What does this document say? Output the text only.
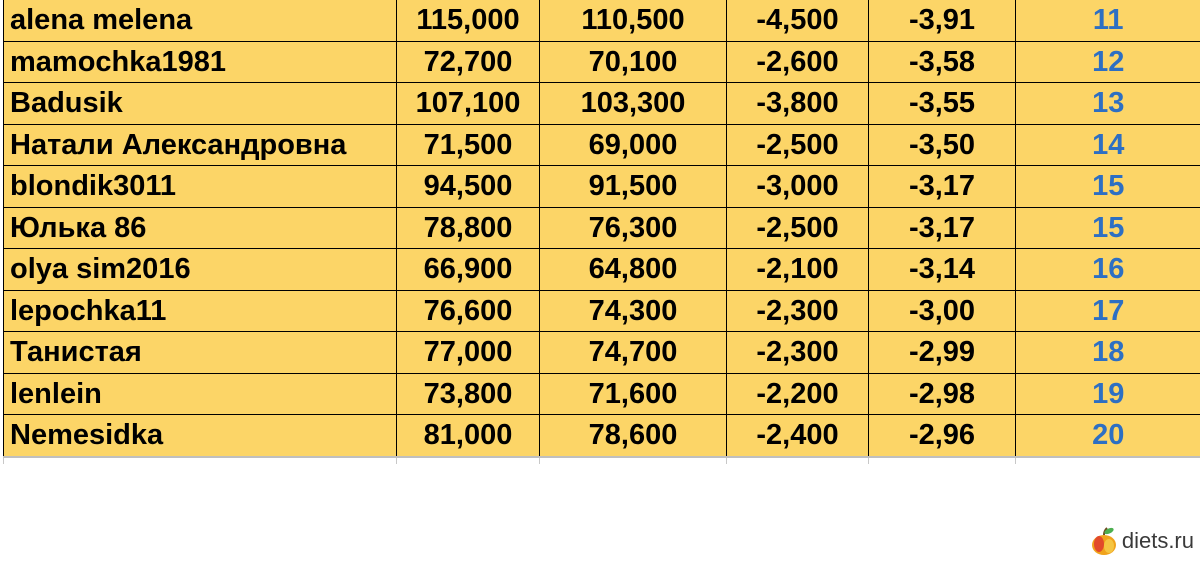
alena melena	115,000	110,500	-4,500	-3,91	11
mamochka1981	72,700	70,100	-2,600	-3,58	12
Badusik	107,100	103,300	-3,800	-3,55	13
Натали Александровна	71,500	69,000	-2,500	-3,50	14
blondik3011	94,500	91,500	-3,000	-3,17	15
Юлька 86	78,800	76,300	-2,500	-3,17	15
olya sim2016	66,900	64,800	-2,100	-3,14	16
lepochka11	76,600	74,300	-2,300	-3,00	17
Танистая	77,000	74,700	-2,300	-2,99	18
lenlein	73,800	71,600	-2,200	-2,98	19
Nemesidka	81,000	78,600	-2,400	-2,96	20
diets.ru
